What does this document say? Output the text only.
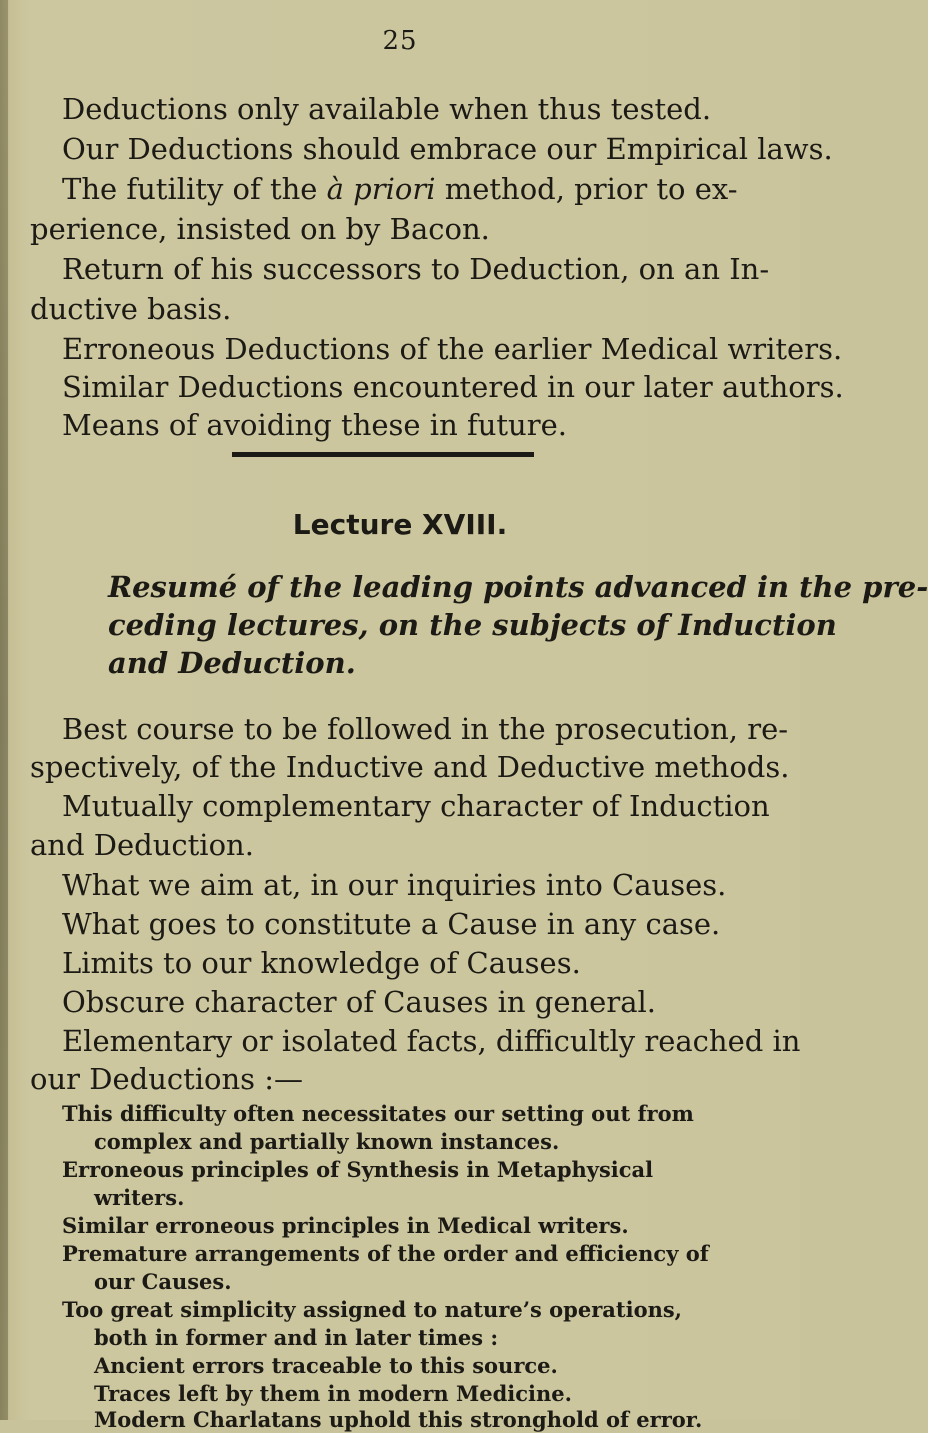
25
Deductions only available when thus tested.
Our Deductions should embrace our Empirical laws.
The futility of the à priori method, prior to ex-
perience, insisted on by Bacon.
Return of his successors to Deduction, on an In-
ductive basis.
Erroneous Deductions of the earlier Medical writers.
Similar Deductions encountered in our later authors.
Means of avoiding these in future.
Lecture XVIII.
Resumé of the leading points advanced in the pre-
ceding lectures, on the subjects of Induction
and Deduction.
Best course to be followed in the prosecution, re-
spectively, of the Inductive and Deductive methods.
Mutually complementary character of Induction
and Deduction.
What we aim at, in our inquiries into Causes.
What goes to constitute a Cause in any case.
Limits to our knowledge of Causes.
Obscure character of Causes in general.
Elementary or isolated facts, difficultly reached in
our Deductions :—
This difficulty often necessitates our setting out from
complex and partially known instances.
Erroneous principles of Synthesis in Metaphysical
writers.
Similar erroneous principles in Medical writers.
Premature arrangements of the order and efficiency of
our Causes.
Too great simplicity assigned to nature’s operations,
both in former and in later times :
Ancient errors traceable to this source.
Traces left by them in modern Medicine.
Modern Charlatans uphold this stronghold of error.
